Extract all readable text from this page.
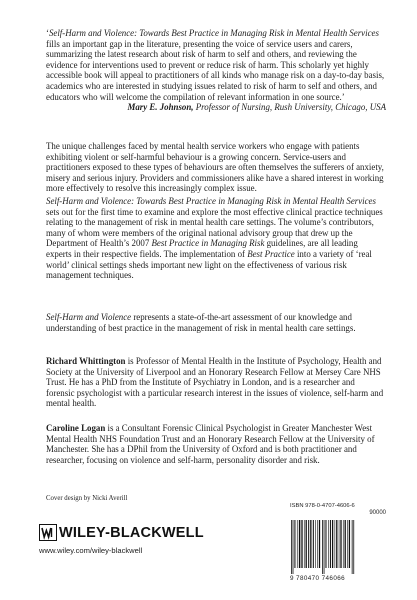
‘Self-Harm and Violence: Towards Best Practice in Managing Risk in Mental Health Services fills an important gap in the literature, presenting the voice of service users and carers, summarizing the latest research about risk of harm to self and others, and reviewing the evidence for interventions used to prevent or reduce risk of harm. This scholarly yet highly accessible book will appeal to practitioners of all kinds who manage risk on a day-to-day basis, academics who are interested in studying issues related to risk of harm to self and others, and educators who will welcome the compilation of relevant information in one source.’

Mary E. Johnson, Professor of Nursing, Rush University, Chicago, USA

The unique challenges faced by mental health service workers who engage with patients exhibiting violent or self-harmful behaviour is a growing concern. Service-users and practitioners exposed to these types of behaviours are often themselves the sufferers of anxiety, misery and serious injury. Providers and commissioners alike have a shared interest in working more effectively to resolve this increasingly complex issue.

Self-Harm and Violence: Towards Best Practice in Managing Risk in Mental Health Services sets out for the first time to examine and explore the most effective clinical practice techniques relating to the management of risk in mental health care settings. The volume’s contributors, many of whom were members of the original national advisory group that drew up the Department of Health’s 2007 Best Practice in Managing Risk guidelines, are all leading experts in their respective fields. The implementation of Best Practice into a variety of ‘real world’ clinical settings sheds important new light on the effectiveness of various risk management techniques.

Self-Harm and Violence represents a state-of-the-art assessment of our knowledge and understanding of best practice in the management of risk in mental health care settings.

Richard Whittington is Professor of Mental Health in the Institute of Psychology, Health and Society at the University of Liverpool and an Honorary Research Fellow at Mersey Care NHS Trust. He has a PhD from the Institute of Psychiatry in London, and is a researcher and forensic psychologist with a particular research interest in the issues of violence, self-harm and mental health.

Caroline Logan is a Consultant Forensic Clinical Psychologist in Greater Manchester West Mental Health NHS Foundation Trust and an Honorary Research Fellow at the University of Manchester. She has a DPhil from the University of Oxford and is both practitioner and researcher, focusing on violence and self-harm, personality disorder and risk.

Cover design by Nicki Averill
WILEY-BLACKWELL
www.wiley.com/wiley-blackwell
ISBN 978-0-4707-4606-6
90000
9 780470 746066
